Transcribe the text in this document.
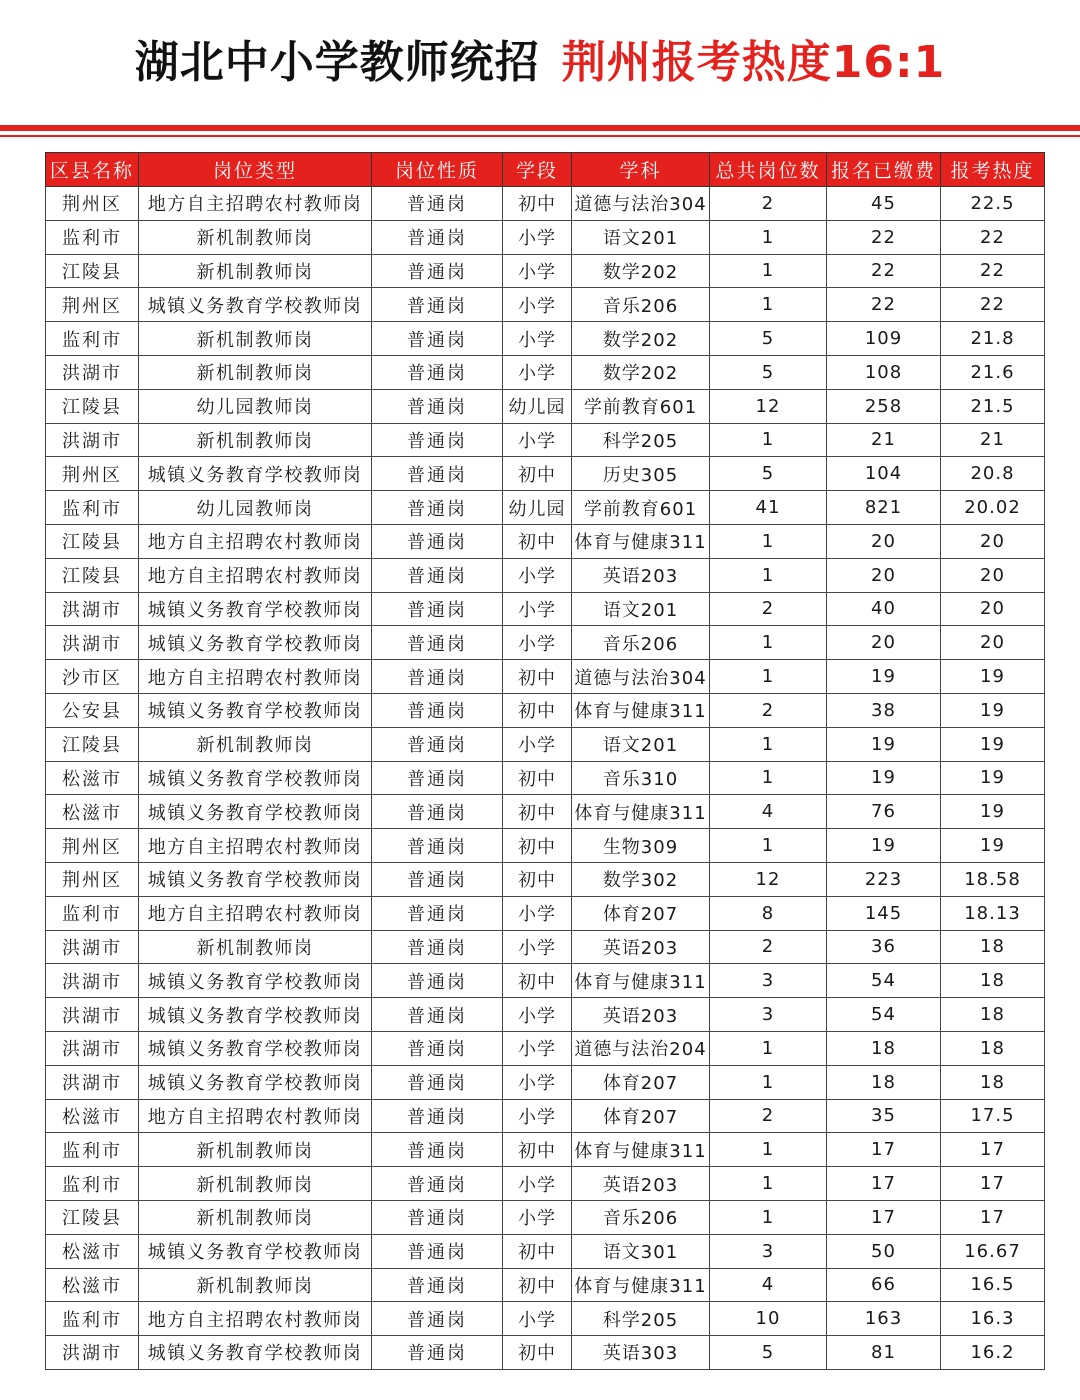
湖北中小学教师统招 荆州报考热度16:1
区县名称	岗位类型	岗位性质	学段	学科	总共岗位数	报名已缴费	报考热度
荆州区	地方自主招聘农村教师岗	普通岗	初中	道德与法治304	2	45	22.5
监利市	新机制教师岗	普通岗	小学	语文201	1	22	22
江陵县	新机制教师岗	普通岗	小学	数学202	1	22	22
荆州区	城镇义务教育学校教师岗	普通岗	小学	音乐206	1	22	22
监利市	新机制教师岗	普通岗	小学	数学202	5	109	21.8
洪湖市	新机制教师岗	普通岗	小学	数学202	5	108	21.6
江陵县	幼儿园教师岗	普通岗	幼儿园	学前教育601	12	258	21.5
洪湖市	新机制教师岗	普通岗	小学	科学205	1	21	21
荆州区	城镇义务教育学校教师岗	普通岗	初中	历史305	5	104	20.8
监利市	幼儿园教师岗	普通岗	幼儿园	学前教育601	41	821	20.02
江陵县	地方自主招聘农村教师岗	普通岗	初中	体育与健康311	1	20	20
江陵县	地方自主招聘农村教师岗	普通岗	小学	英语203	1	20	20
洪湖市	城镇义务教育学校教师岗	普通岗	小学	语文201	2	40	20
洪湖市	城镇义务教育学校教师岗	普通岗	小学	音乐206	1	20	20
沙市区	地方自主招聘农村教师岗	普通岗	初中	道德与法治304	1	19	19
公安县	城镇义务教育学校教师岗	普通岗	初中	体育与健康311	2	38	19
江陵县	新机制教师岗	普通岗	小学	语文201	1	19	19
松滋市	城镇义务教育学校教师岗	普通岗	初中	音乐310	1	19	19
松滋市	城镇义务教育学校教师岗	普通岗	初中	体育与健康311	4	76	19
荆州区	地方自主招聘农村教师岗	普通岗	初中	生物309	1	19	19
荆州区	城镇义务教育学校教师岗	普通岗	初中	数学302	12	223	18.58
监利市	地方自主招聘农村教师岗	普通岗	小学	体育207	8	145	18.13
洪湖市	新机制教师岗	普通岗	小学	英语203	2	36	18
洪湖市	城镇义务教育学校教师岗	普通岗	初中	体育与健康311	3	54	18
洪湖市	城镇义务教育学校教师岗	普通岗	小学	英语203	3	54	18
洪湖市	城镇义务教育学校教师岗	普通岗	小学	道德与法治204	1	18	18
洪湖市	城镇义务教育学校教师岗	普通岗	小学	体育207	1	18	18
松滋市	地方自主招聘农村教师岗	普通岗	小学	体育207	2	35	17.5
监利市	新机制教师岗	普通岗	初中	体育与健康311	1	17	17
监利市	新机制教师岗	普通岗	小学	英语203	1	17	17
江陵县	新机制教师岗	普通岗	小学	音乐206	1	17	17
松滋市	城镇义务教育学校教师岗	普通岗	初中	语文301	3	50	16.67
松滋市	新机制教师岗	普通岗	初中	体育与健康311	4	66	16.5
监利市	地方自主招聘农村教师岗	普通岗	小学	科学205	10	163	16.3
洪湖市	城镇义务教育学校教师岗	普通岗	初中	英语303	5	81	16.2
